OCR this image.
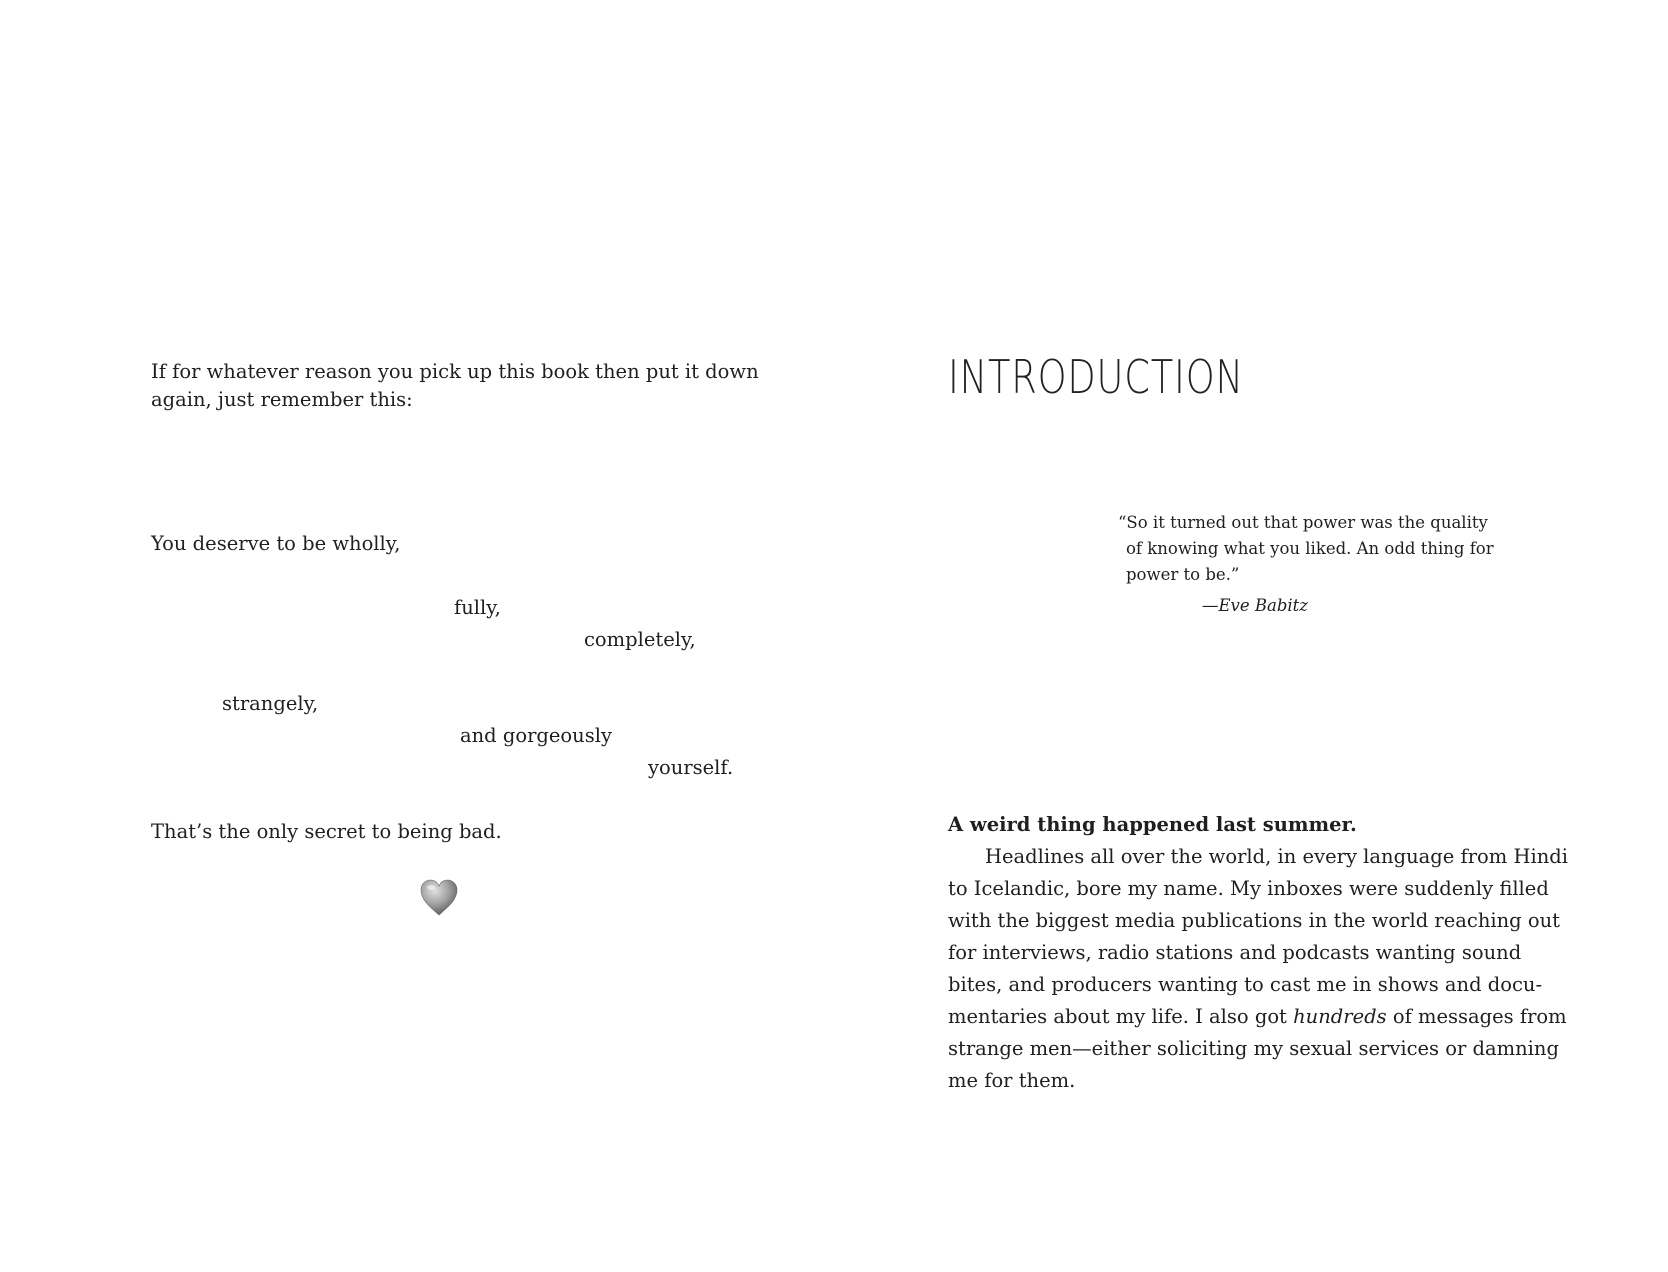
If for whatever reason you pick up this book then put it down
again, just remember this:

You deserve to be wholly,

fully,

completely,

strangely,

and gorgeously

yourself.

That’s the only secret to being bad.

INTRODUCTION
“So it turned out that power was the quality
of knowing what you liked. An odd thing for
power to be.”
—Eve Babitz
A weird thing happened last summer.
Headlines all over the world, in every language from Hindi
to Icelandic, bore my name. My inboxes were suddenly filled
with the biggest media publications in the world reaching out
for interviews, radio stations and podcasts wanting sound
bites, and producers wanting to cast me in shows and docu-
mentaries about my life. I also got hundreds of messages from
strange men—either soliciting my sexual services or damning
me for them.
